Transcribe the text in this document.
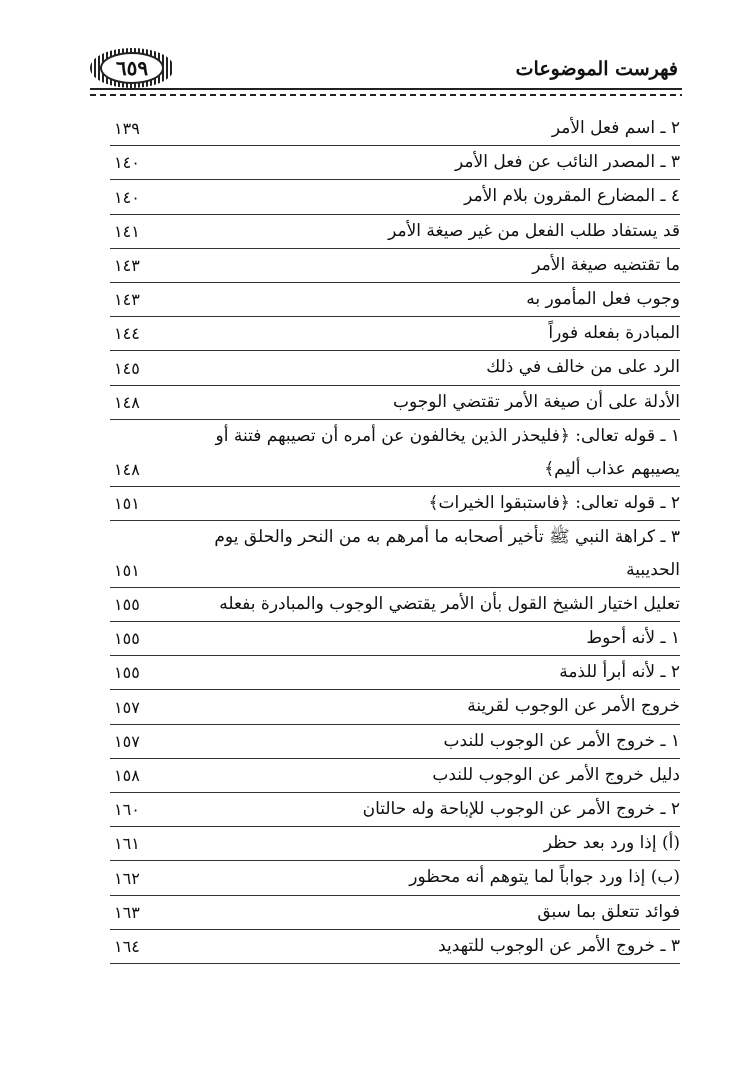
٦٥٩	فهرست الموضوعات
٢ ـ اسم فعل الأمر
١٣٩
٣ ـ المصدر النائب عن فعل الأمر
١٤٠
٤ ـ المضارع المقرون بلام الأمر
١٤٠
قد يستفاد طلب الفعل من غير صيغة الأمر
١٤١
ما تقتضيه صيغة الأمر
١٤٣
وجوب فعل المأمور به
١٤٣
المبادرة بفعله فوراً
١٤٤
الرد على من خالف في ذلك
١٤٥
الأدلة على أن صيغة الأمر تقتضي الوجوب
١٤٨
١ ـ قوله تعالى: ﴿فليحذر الذين يخالفون عن أمره أن تصيبهم فتنة أو يصيبهم عذاب أليم﴾
١٤٨
٢ ـ قوله تعالى: ﴿فاستبقوا الخيرات﴾
١٥١
٣ ـ كراهة النبي ﷺ تأخير أصحابه ما أمرهم به من النحر والحلق يوم الحديبية
١٥١
تعليل اختيار الشيخ القول بأن الأمر يقتضي الوجوب والمبادرة بفعله
١٥٥
١ ـ لأنه أحوط
١٥٥
٢ ـ لأنه أبرأ للذمة
١٥٥
خروج الأمر عن الوجوب لقرينة
١٥٧
١ ـ خروج الأمر عن الوجوب للندب
١٥٧
دليل خروج الأمر عن الوجوب للندب
١٥٨
٢ ـ خروج الأمر عن الوجوب للإباحة وله حالتان
١٦٠
(أ) إذا ورد بعد حظر
١٦١
(ب) إذا ورد جواباً لما يتوهم أنه محظور
١٦٢
فوائد تتعلق بما سبق
١٦٣
٣ ـ خروج الأمر عن الوجوب للتهديد
١٦٤
